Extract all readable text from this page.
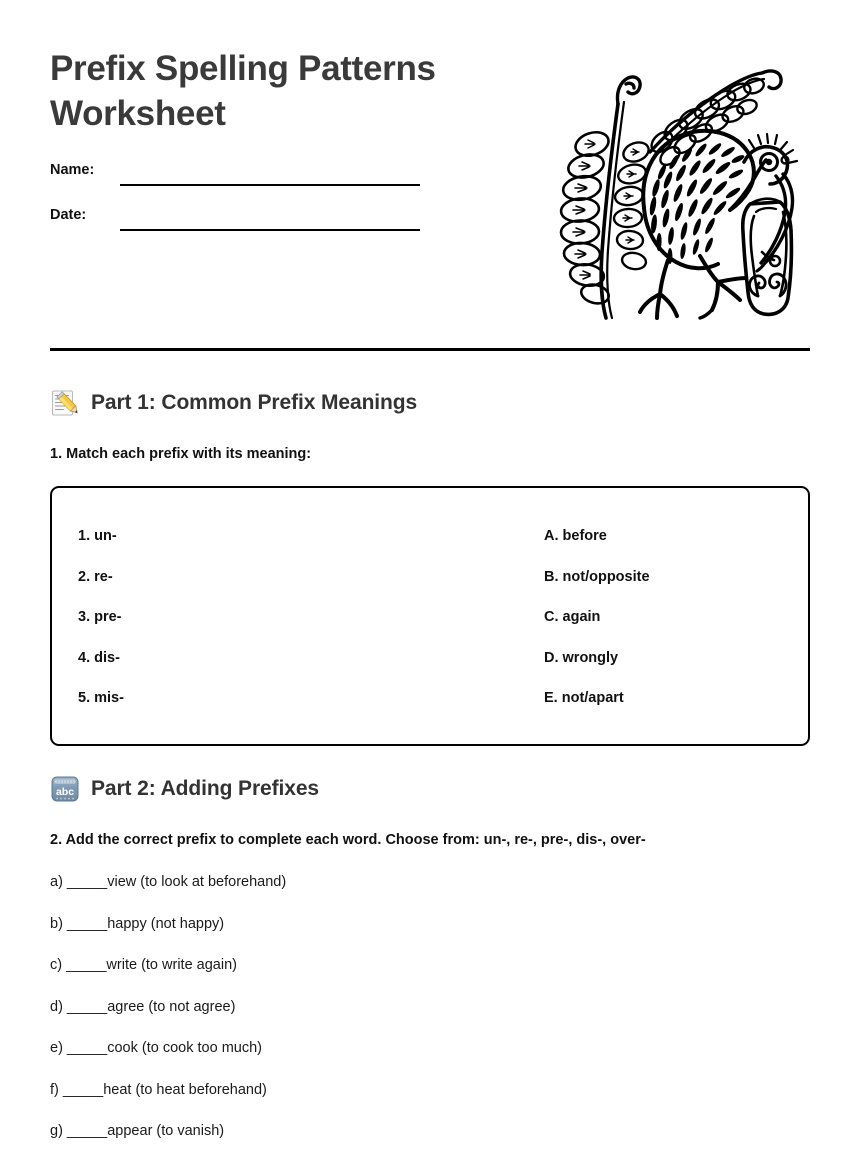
Prefix Spelling Patterns Worksheet
Name:
Date:
Part 1: Common Prefix Meanings
1. Match each prefix with its meaning:
1. un-	A. before
2. re-	B. not/opposite
3. pre-	C. again
4. dis-	D. wrongly
5. mis-	E. not/apart
abc Part 2: Adding Prefixes
2. Add the correct prefix to complete each word. Choose from: un-, re-, pre-, dis-, over-
a) _____view (to look at beforehand)
b) _____happy (not happy)
c) _____write (to write again)
d) _____agree (to not agree)
e) _____cook (to cook too much)
f) _____heat (to heat beforehand)
g) _____appear (to vanish)
